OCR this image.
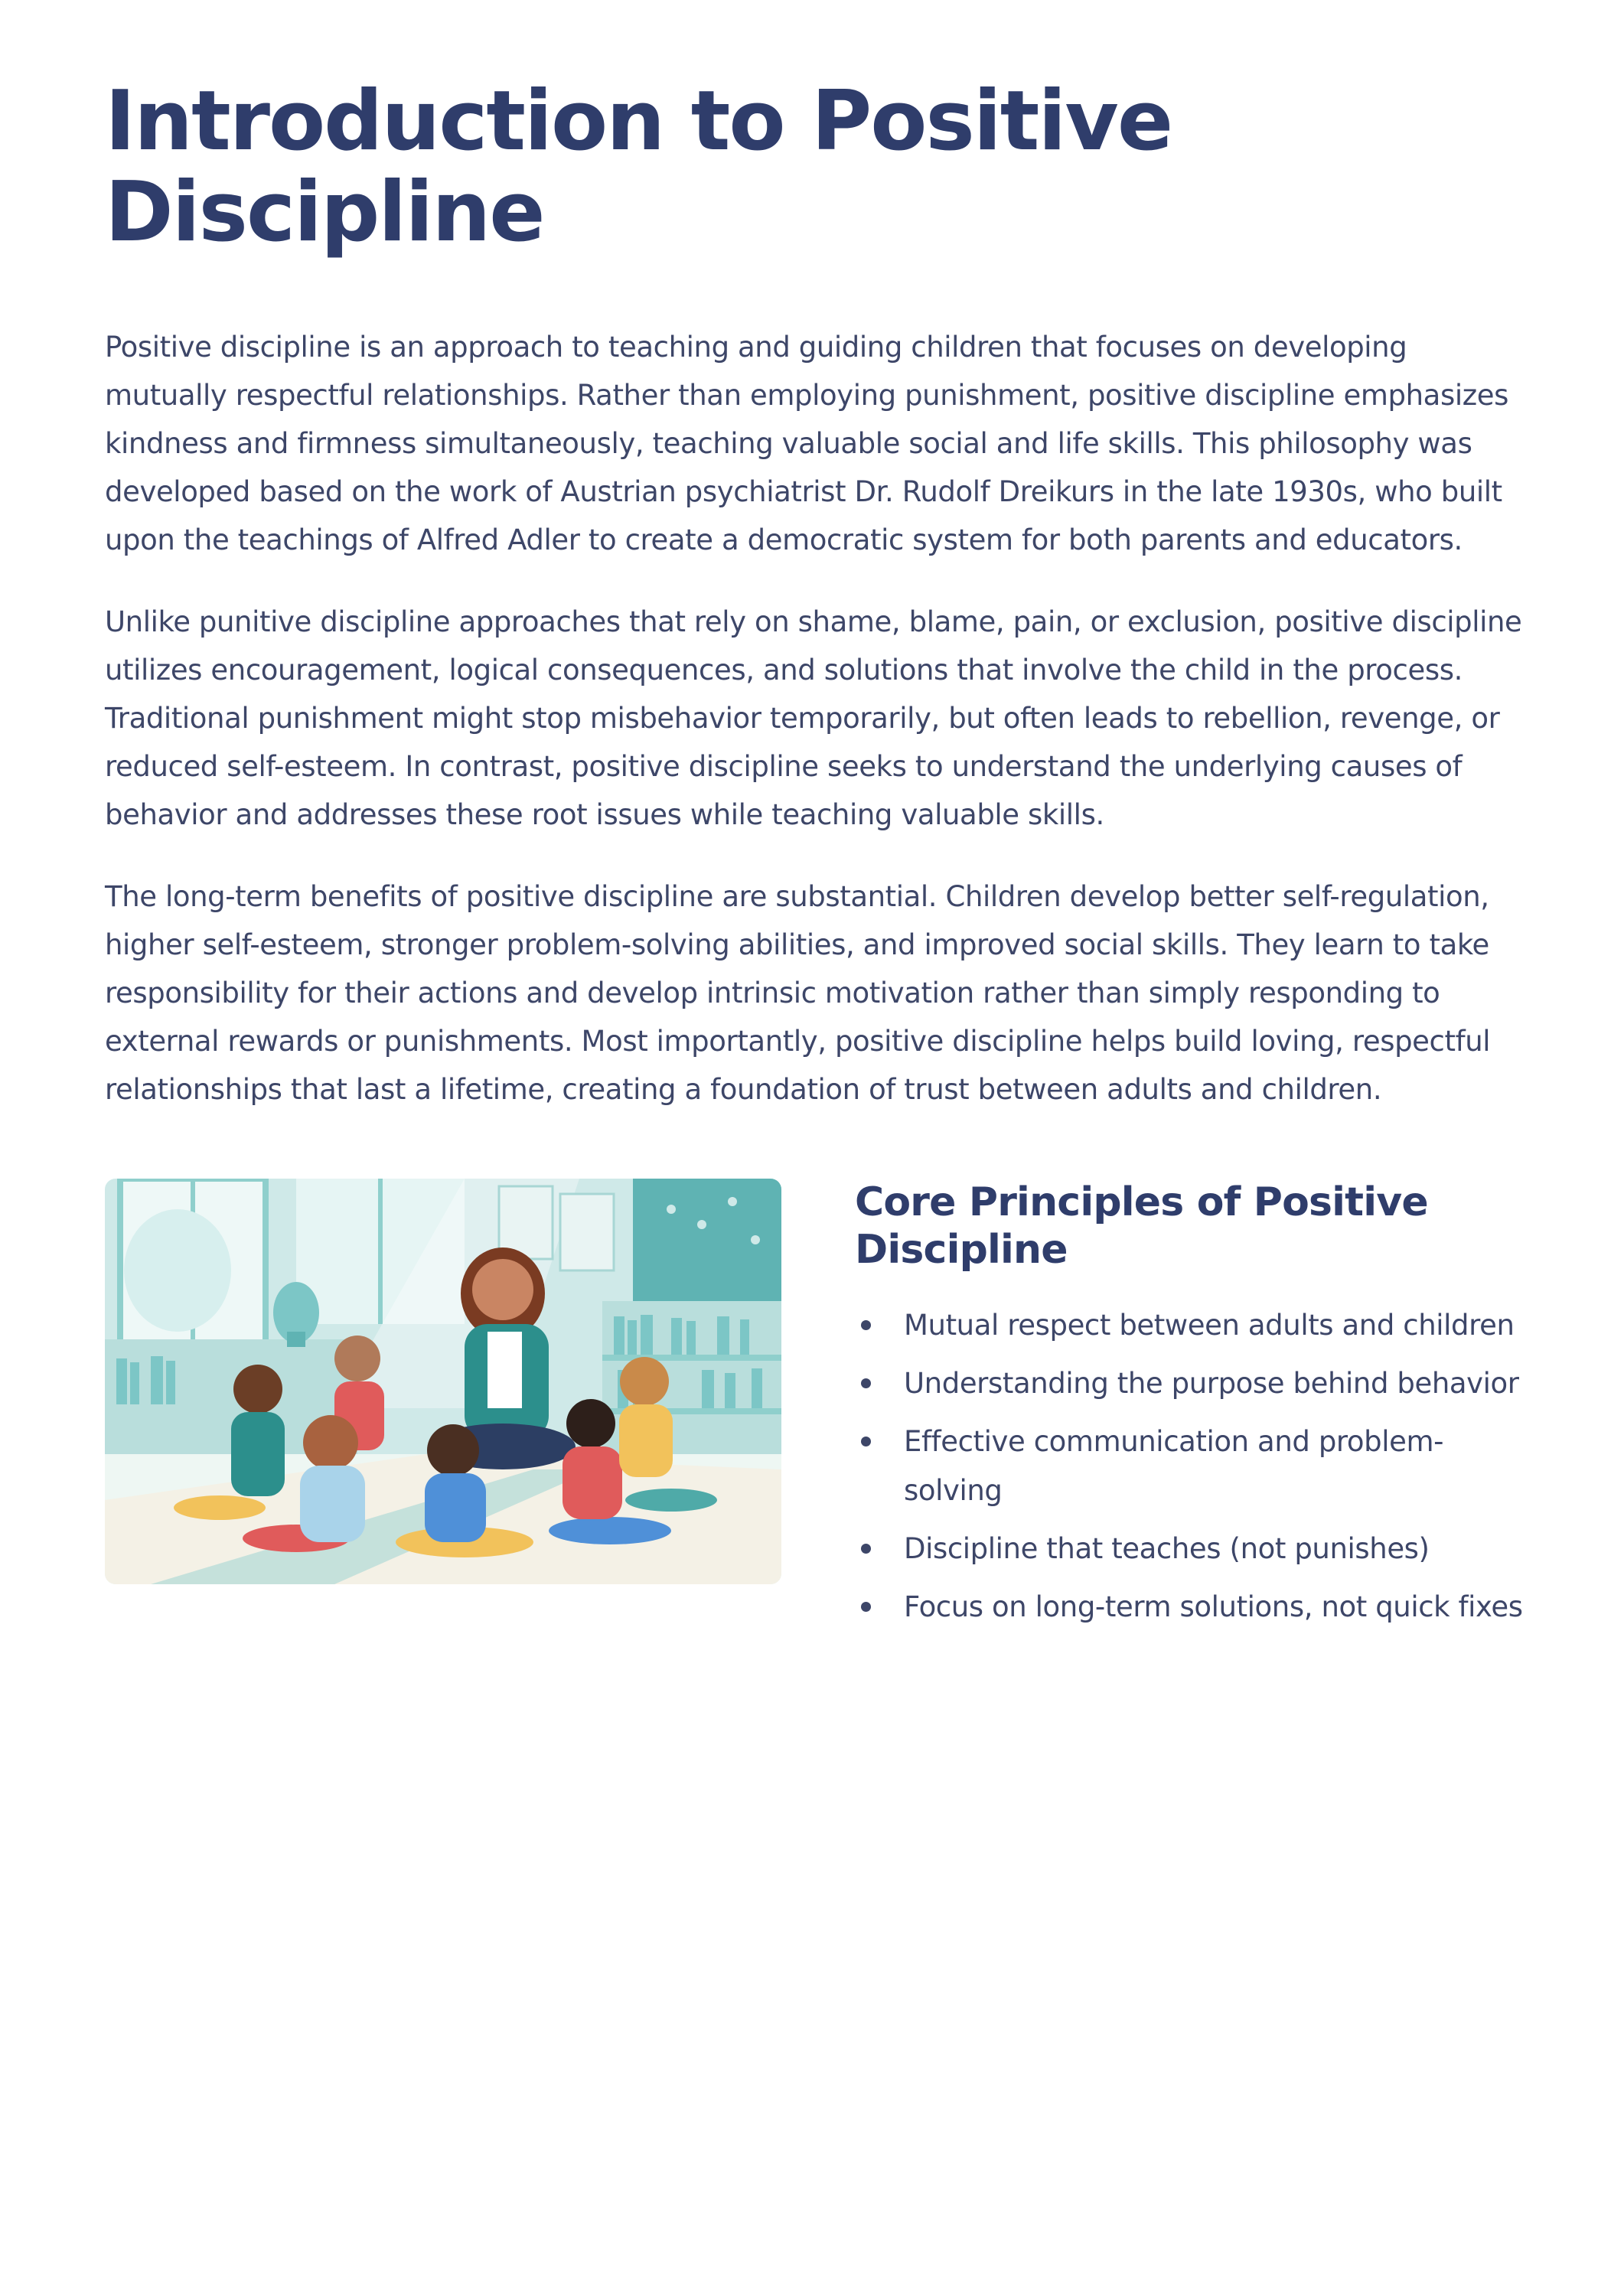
Introduction to Positive Discipline

Positive discipline is an approach to teaching and guiding children that focuses on developing mutually respectful relationships. Rather than employing punishment, positive discipline emphasizes kindness and firmness simultaneously, teaching valuable social and life skills. This philosophy was developed based on the work of Austrian psychiatrist Dr. Rudolf Dreikurs in the late 1930s, who built upon the teachings of Alfred Adler to create a democratic system for both parents and educators.

Unlike punitive discipline approaches that rely on shame, blame, pain, or exclusion, positive discipline utilizes encouragement, logical consequences, and solutions that involve the child in the process. Traditional punishment might stop misbehavior temporarily, but often leads to rebellion, revenge, or reduced self-esteem. In contrast, positive discipline seeks to understand the underlying causes of behavior and addresses these root issues while teaching valuable skills.

The long-term benefits of positive discipline are substantial. Children develop better self-regulation, higher self-esteem, stronger problem-solving abilities, and improved social skills. They learn to take responsibility for their actions and develop intrinsic motivation rather than simply responding to external rewards or punishments. Most importantly, positive discipline helps build loving, respectful relationships that last a lifetime, creating a foundation of trust between adults and children.

Core Principles of Positive Discipline
Mutual respect between adults and children
Understanding the purpose behind behavior
Effective communication and problem-solving
Discipline that teaches (not punishes)
Focus on long-term solutions, not quick fixes
